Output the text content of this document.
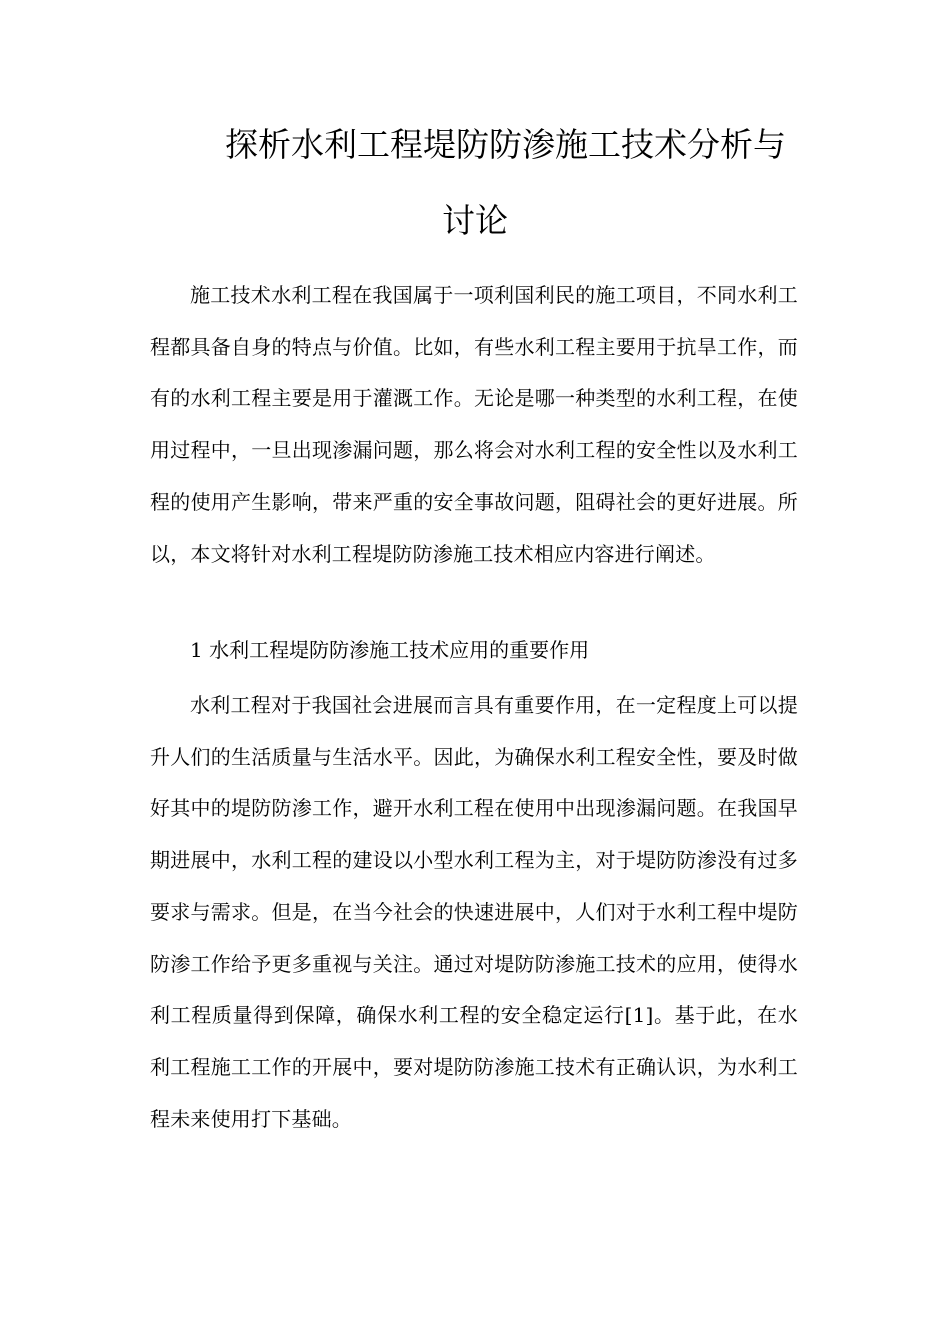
探析水利工程堤防防渗施工技术分析与
讨论

施工技术水利工程在我国属于一项利国利民的施工项目，不同水利工程都具备自身的特点与价值。比如，有些水利工程主要用于抗旱工作，而有的水利工程主要是用于灌溉工作。无论是哪一种类型的水利工程，在使用过程中，一旦出现渗漏问题，那么将会对水利工程的安全性以及水利工程的使用产生影响，带来严重的安全事故问题，阻碍社会的更好进展。所以，本文将针对水利工程堤防防渗施工技术相应内容进行阐述。

1 水利工程堤防防渗施工技术应用的重要作用

水利工程对于我国社会进展而言具有重要作用，在一定程度上可以提升人们的生活质量与生活水平。因此，为确保水利工程安全性，要及时做好其中的堤防防渗工作，避开水利工程在使用中出现渗漏问题。在我国早期进展中，水利工程的建设以小型水利工程为主，对于堤防防渗没有过多要求与需求。但是，在当今社会的快速进展中，人们对于水利工程中堤防防渗工作给予更多重视与关注。通过对堤防防渗施工技术的应用，使得水利工程质量得到保障，确保水利工程的安全稳定运行[1]。基于此，在水利工程施工工作的开展中，要对堤防防渗施工技术有正确认识，为水利工程未来使用打下基础。
